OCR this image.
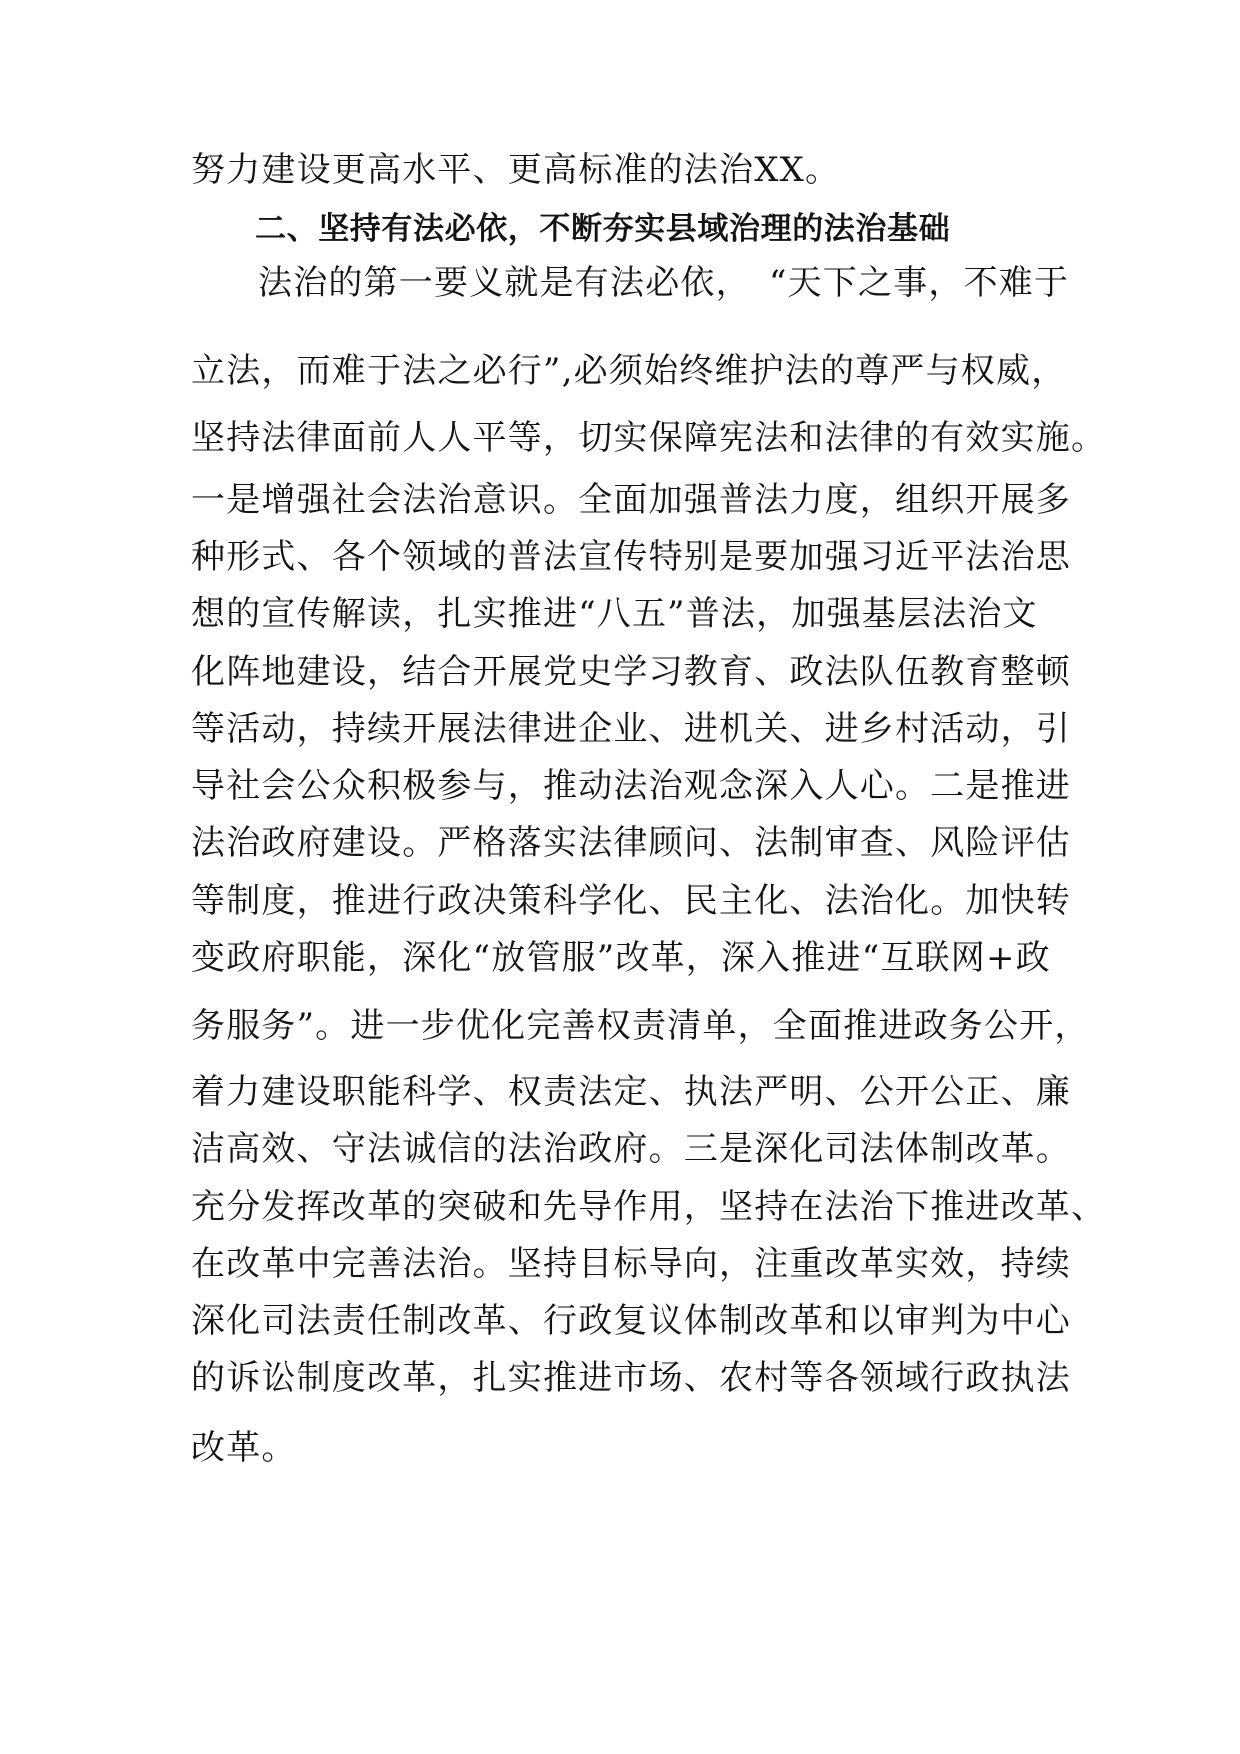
努力建设更高水平、更高标准的法治XX。
二、坚持有法必依，不断夯实县域治理的法治基础
法治的第一要义就是有法必依，　“天下之事，不难于
立法，而难于法之必行”,必须始终维护法的尊严与权威，
坚持法律面前人人平等，切实保障宪法和法律的有效实施。
一是增强社会法治意识。全面加强普法力度，组织开展多
种形式、各个领域的普法宣传特别是要加强习近平法治思
想的宣传解读，扎实推进“八五”普法，加强基层法治文
化阵地建设，结合开展党史学习教育、政法队伍教育整顿
等活动，持续开展法律进企业、进机关、进乡村活动，引
导社会公众积极参与，推动法治观念深入人心。二是推进
法治政府建设。严格落实法律顾问、法制审查、风险评估
等制度，推进行政决策科学化、民主化、法治化。加快转
变政府职能，深化“放管服”改革，深入推进“互联网+政
务服务”。进一步优化完善权责清单，全面推进政务公开，
着力建设职能科学、权责法定、执法严明、公开公正、廉
洁高效、守法诚信的法治政府。三是深化司法体制改革。
充分发挥改革的突破和先导作用，坚持在法治下推进改革、
在改革中完善法治。坚持目标导向，注重改革实效，持续
深化司法责任制改革、行政复议体制改革和以审判为中心
的诉讼制度改革，扎实推进市场、农村等各领域行政执法
改革。
